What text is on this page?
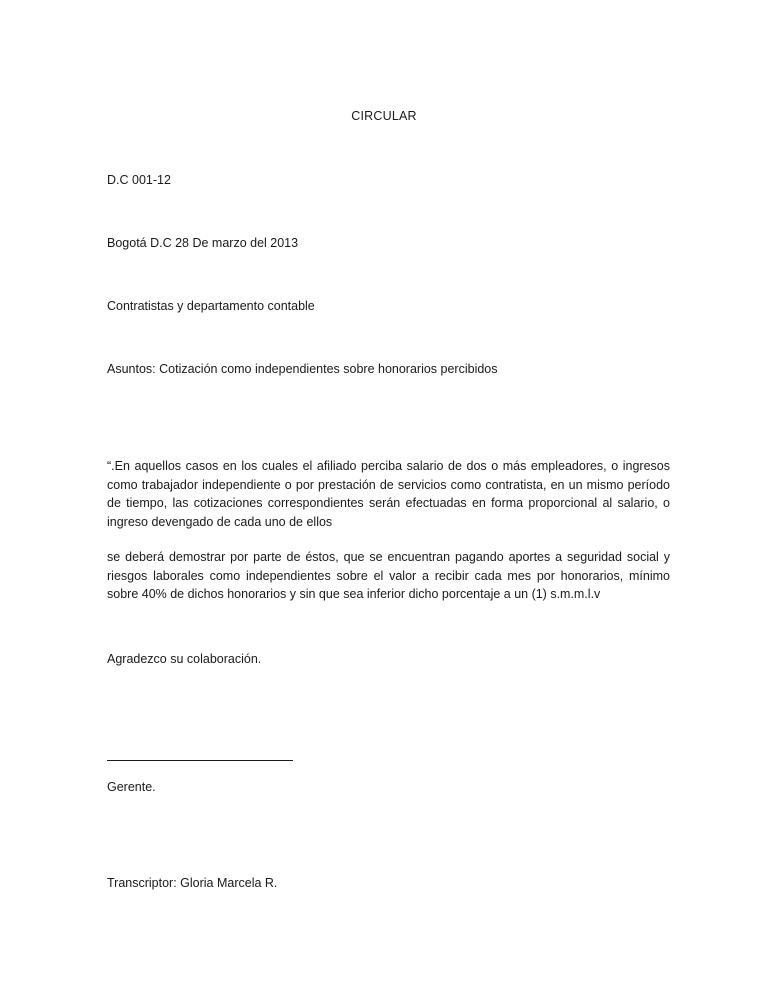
CIRCULAR

D.C 001-12

Bogotá D.C 28 De marzo del 2013

Contratistas y departamento contable

Asuntos: Cotización como independientes sobre honorarios percibidos

“.En aquellos casos en los cuales el afiliado perciba salario de dos o más empleadores, o ingresos como trabajador independiente o por prestación de servicios como contratista, en un mismo período de tiempo, las cotizaciones correspondientes serán efectuadas en forma proporcional al salario, o ingreso devengado de cada uno de ellos

se deberá demostrar por parte de éstos, que se encuentran pagando aportes a seguridad social y riesgos laborales como independientes sobre el valor a recibir cada mes por honorarios, mínimo sobre 40% de dichos honorarios y sin que sea inferior dicho porcentaje a un (1) s.m.m.l.v

Agradezco su colaboración.

Gerente.

Transcriptor: Gloria Marcela R.
